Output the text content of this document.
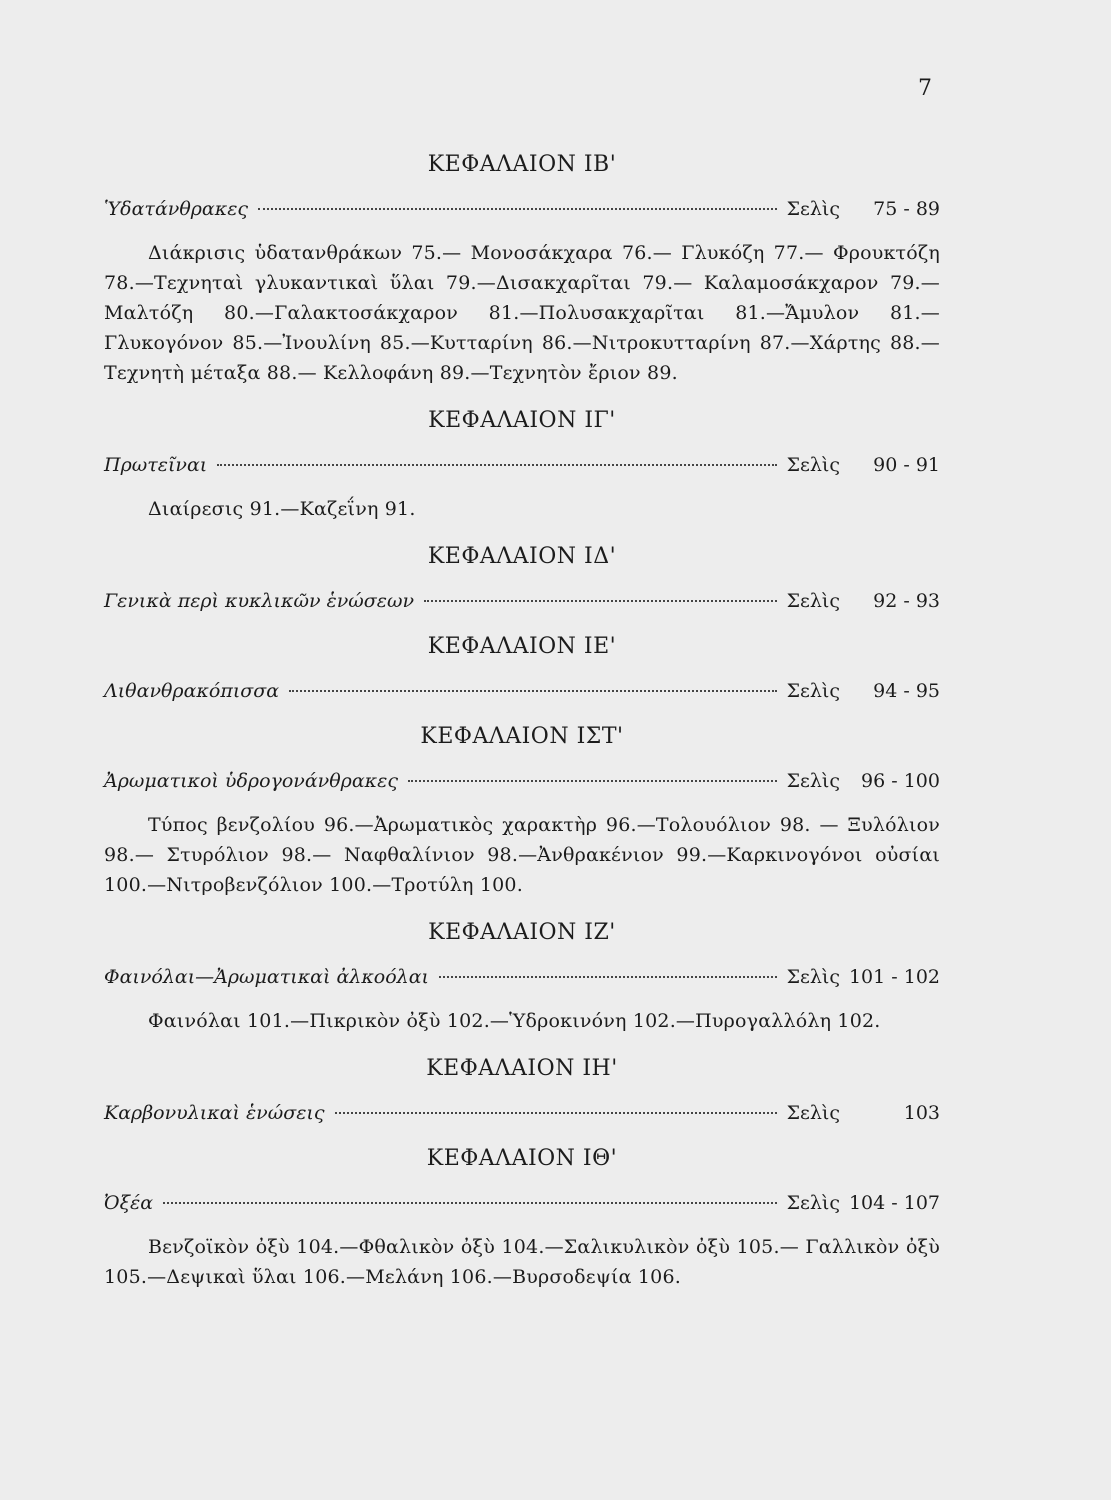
7
ΚΕΦΑΛΑΙΟΝ ΙΒ'
Ὑδατάνθρακες	Σελὶς	75 - 89

Διάκρισις ὑδατανθράκων 75.— Μονοσάκχαρα 76.— Γλυκόζη 77.— Φρουκτόζη 78.—Τεχνηταὶ γλυκαντικαὶ ὕλαι 79.—Δισακχαρῖται 79.— Καλαμοσάκχαρον 79.—Μαλτόζη 80.—Γαλακτοσάκχαρον 81.—Πολυσακχαρῖται 81.—Ἄμυλον 81.—Γλυκογόνον 85.—Ἰνουλίνη 85.—Κυτταρίνη 86.—Νιτροκυτταρίνη 87.—Χάρτης 88.—Τεχνητὴ μέταξα 88.— Κελλοφάνη 89.—Τεχνητὸν ἔριον 89.

ΚΕΦΑΛΑΙΟΝ ΙΓ'
Πρωτεῖναι	Σελὶς	90 - 91

Διαίρεσις 91.—Καζεΐνη 91.

ΚΕΦΑΛΑΙΟΝ ΙΔ'
Γενικὰ περὶ κυκλικῶν ἑνώσεων	Σελὶς	92 - 93
ΚΕΦΑΛΑΙΟΝ ΙΕ'
Λιθανθρακόπισσα	Σελὶς	94 - 95
ΚΕΦΑΛΑΙΟΝ ΙΣΤ'
Ἀρωματικοὶ ὑδρογονάνθρακες	Σελὶς	96 - 100

Τύπος βενζολίου 96.—Ἀρωματικὸς χαρακτὴρ 96.—Τολουόλιον 98. — Ξυλόλιον 98.— Στυρόλιον 98.— Ναφθαλίνιον 98.—Ἀνθρακένιον 99.—Καρκινογόνοι οὐσίαι 100.—Νιτροβενζόλιον 100.—Τροτύλη 100.

ΚΕΦΑΛΑΙΟΝ ΙΖ'
Φαινόλαι—Ἀρωματικαὶ ἀλκοόλαι	Σελὶς 101 - 102

Φαινόλαι 101.—Πικρικὸν ὀξὺ 102.—Ὑδροκινόνη 102.—Πυρογαλλόλη 102.

ΚΕΦΑΛΑΙΟΝ ΙΗ'
Καρβονυλικαὶ ἑνώσεις	Σελὶς	103
ΚΕΦΑΛΑΙΟΝ ΙΘ'
Ὀξέα	Σελὶς 104 - 107

Βενζοϊκὸν ὀξὺ 104.—Φθαλικὸν ὀξὺ 104.—Σαλικυλικὸν ὀξὺ 105.— Γαλλικὸν ὀξὺ 105.—Δεψικαὶ ὕλαι 106.—Μελάνη 106.—Βυρσοδεψία 106.
